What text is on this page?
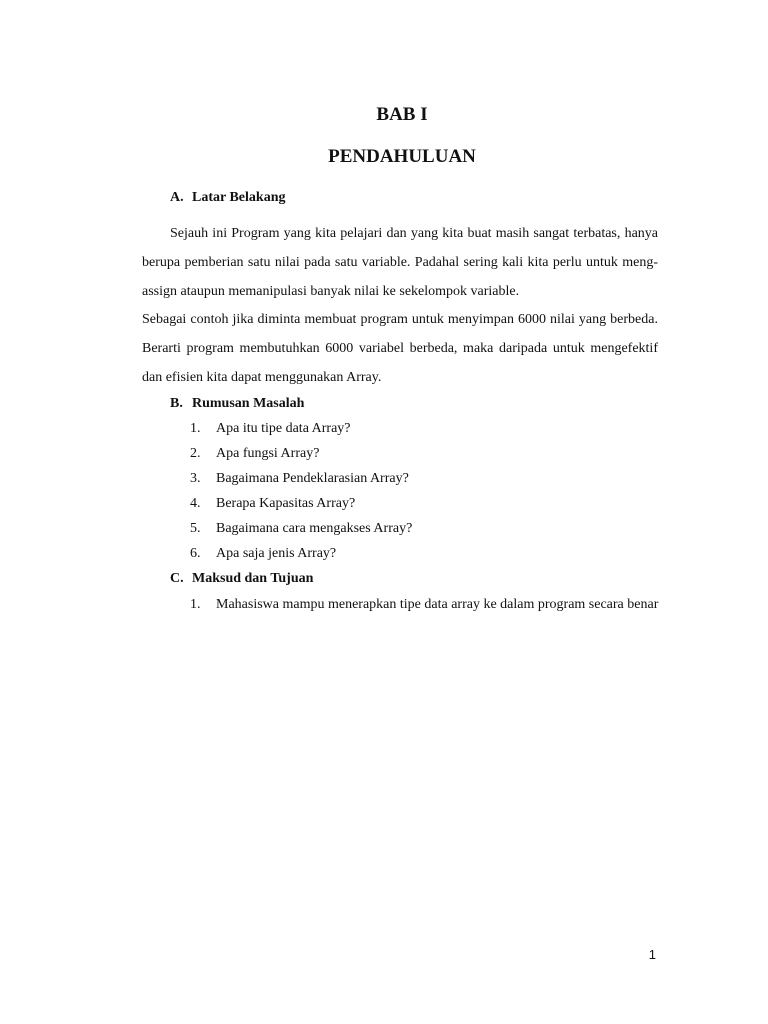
BAB I
PENDAHULUAN
A. Latar Belakang

Sejauh ini Program yang kita pelajari dan yang kita buat masih sangat terbatas, hanya berupa pemberian satu nilai pada satu variable. Padahal sering kali kita perlu untuk meng-assign ataupun memanipulasi banyak nilai ke sekelompok variable.

Sebagai contoh jika diminta membuat program untuk menyimpan 6000 nilai yang berbeda. Berarti program membutuhkan 6000 variabel berbeda, maka daripada untuk mengefektif dan efisien kita dapat menggunakan Array.

B. Rumusan Masalah
1. Apa itu tipe data Array?
2. Apa fungsi Array?
3. Bagaimana Pendeklarasian Array?
4. Berapa Kapasitas Array?
5. Bagaimana cara mengakses Array?
6. Apa saja jenis Array?
C. Maksud dan Tujuan
1. Mahasiswa mampu menerapkan tipe data array ke dalam program secara benar
1
